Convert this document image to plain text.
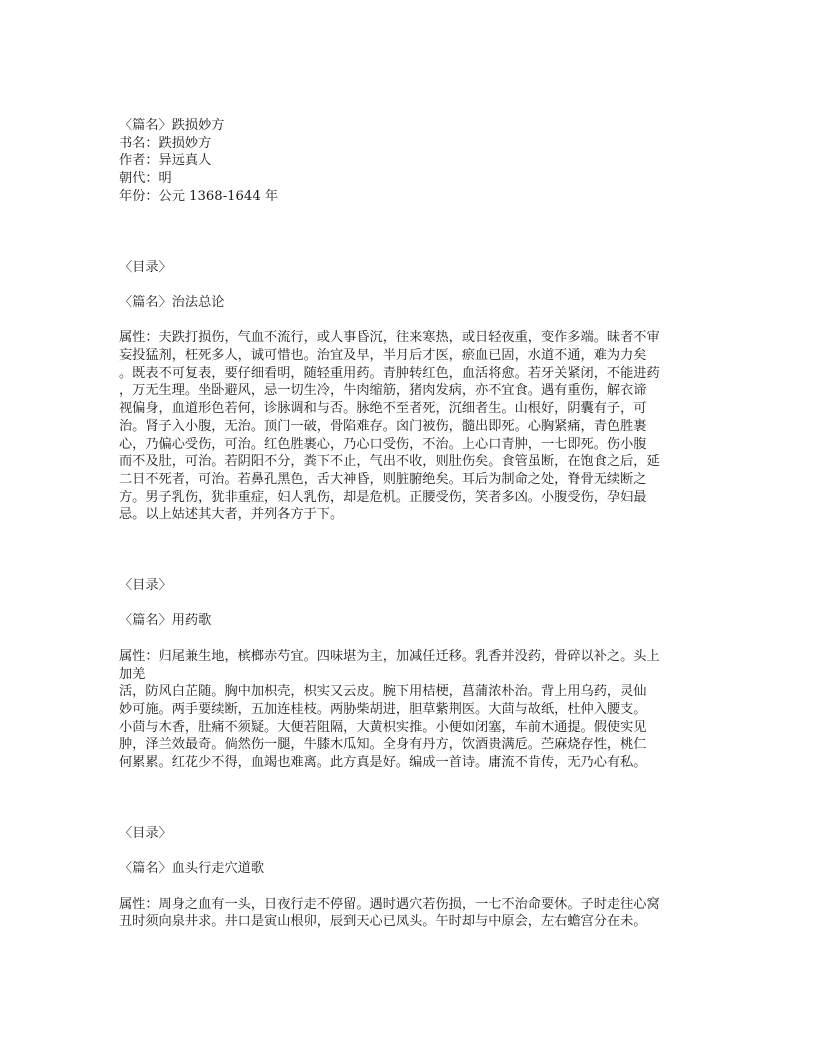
〈篇名〉跌损妙方
书名：跌损妙方
作者：异远真人
朝代：明
年份：公元 1368-1644 年
〈目录〉
〈篇名〉治法总论
属性：夫跌打损伤，气血不流行，或人事昏沉，往来寒热，或日轻夜重，变作多端。昧者不审
妄投猛剂，枉死多人，诚可惜也。治宜及早，半月后才医，瘀血已固，水道不通，难为力矣
。既表不可复表，要仔细看明，随轻重用药。青肿转红色，血活将愈。若牙关紧闭，不能进药
，万无生理。坐卧避风，忌一切生冷，牛肉缩筋，猪肉发病，亦不宜食。遇有重伤，解衣谛
视偏身，血道形色若何，诊脉调和与否。脉绝不至者死，沉细者生。山根好，阴囊有子，可
治。肾子入小腹，无治。顶门一破，骨陷难存。囟门被伤，髓出即死。心胸紧痛，青色胜裹
心，乃偏心受伤，可治。红色胜裹心，乃心口受伤，不治。上心口青肿，一七即死。伤小腹
而不及肚，可治。若阴阳不分，粪下不止，气出不收，则肚伤矣。食管虽断，在饱食之后，延
二日不死者，可治。若鼻孔黑色，舌大神昏，则脏腑绝矣。耳后为制命之处，脊骨无续断之
方。男子乳伤，犹非重症，妇人乳伤，却是危机。正腰受伤，笑者多凶。小腹受伤，孕妇最
忌。以上姑述其大者，并列各方于下。
〈目录〉
〈篇名〉用药歌
属性：归尾兼生地，槟榔赤芍宜。四味堪为主，加减任迁移。乳香并没药，骨碎以补之。头上
加羌
活，防风白芷随。胸中加枳壳，枳实又云皮。腕下用桔梗，菖蒲浓朴治。背上用乌药，灵仙
妙可施。两手要续断，五加连桂枝。两胁柴胡进，胆草紫荆医。大茴与故纸，杜仲入腰支。
小茴与木香，肚痛不须疑。大便若阻隔，大黄枳实推。小便如闭塞，车前木通提。假使实见
肿，泽兰效最奇。倘然伤一腿，牛膝木瓜知。全身有丹方，饮酒贵满卮。苎麻烧存性，桃仁
何累累。红花少不得，血竭也难离。此方真是好。编成一首诗。庸流不肯传，无乃心有私。
〈目录〉
〈篇名〉血头行走穴道歌
属性：周身之血有一头，日夜行走不停留。遇时遇穴若伤损，一七不治命要休。子时走往心窝
丑时须向泉井求。井口是寅山根卯，辰到天心已凤头。午时却与中原会，左右蟾宫分在未。
